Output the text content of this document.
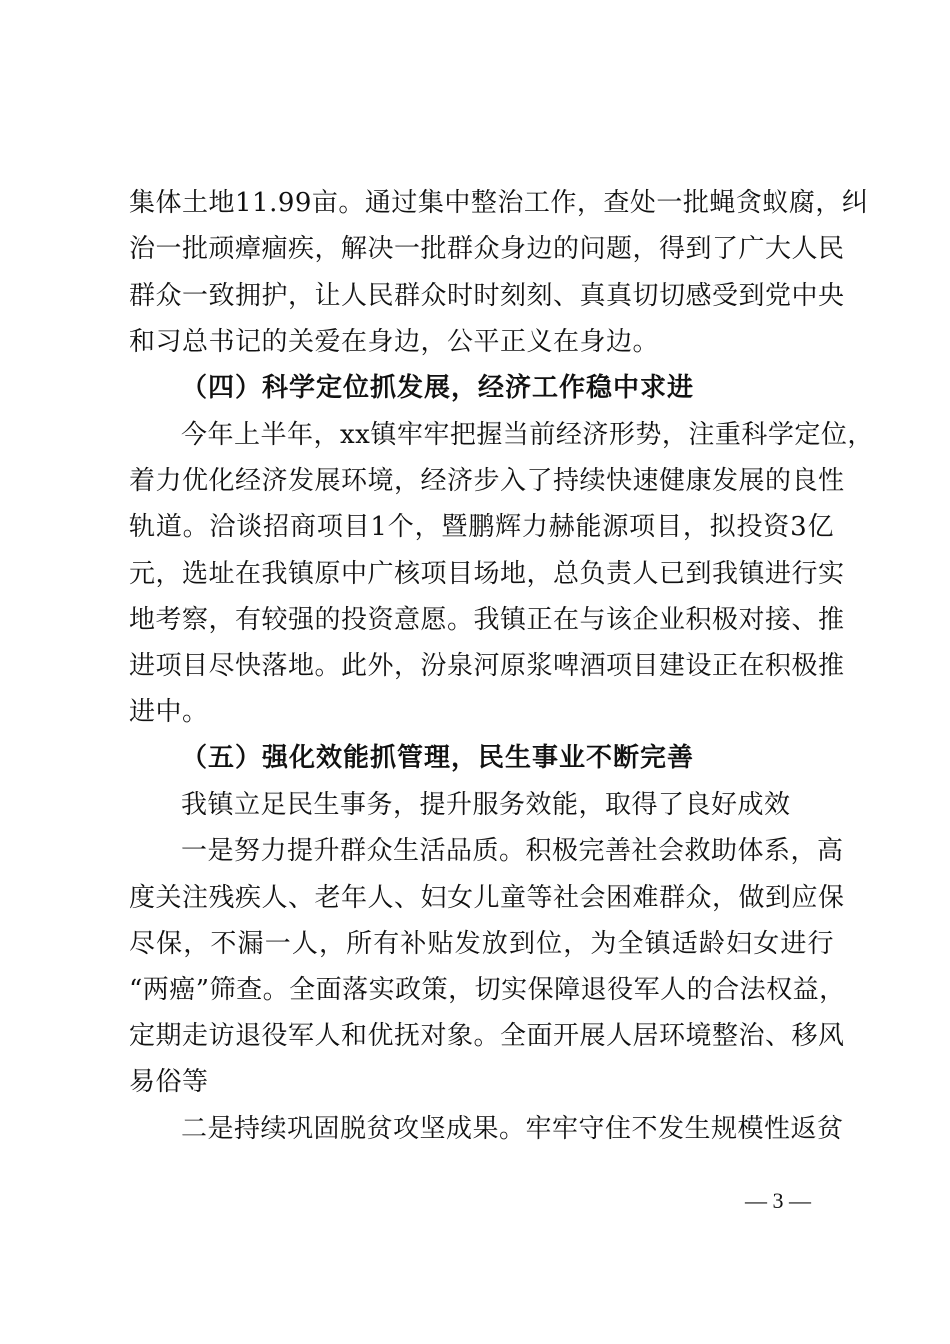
集体土地11.99亩。通过集中整治工作，查处一批蝇贪蚁腐，纠
治一批顽瘴痼疾，解决一批群众身边的问题，得到了广大人民
群众一致拥护，让人民群众时时刻刻、真真切切感受到党中央
和习总书记的关爱在身边，公平正义在身边。
（四）科学定位抓发展，经济工作稳中求进
今年上半年，xx镇牢牢把握当前经济形势，注重科学定位，
着力优化经济发展环境，经济步入了持续快速健康发展的良性
轨道。洽谈招商项目1个，暨鹏辉力赫能源项目，拟投资3亿
元，选址在我镇原中广核项目场地，总负责人已到我镇进行实
地考察，有较强的投资意愿。我镇正在与该企业积极对接、推
进项目尽快落地。此外，汾泉河原浆啤酒项目建设正在积极推
进中。
（五）强化效能抓管理，民生事业不断完善
我镇立足民生事务，提升服务效能，取得了良好成效
一是努力提升群众生活品质。积极完善社会救助体系，高
度关注残疾人、老年人、妇女儿童等社会困难群众，做到应保
尽保，不漏一人，所有补贴发放到位，为全镇适龄妇女进行
“两癌”筛查。全面落实政策，切实保障退役军人的合法权益，
定期走访退役军人和优抚对象。全面开展人居环境整治、移风
易俗等
二是持续巩固脱贫攻坚成果。牢牢守住不发生规模性返贫
— 3 —
